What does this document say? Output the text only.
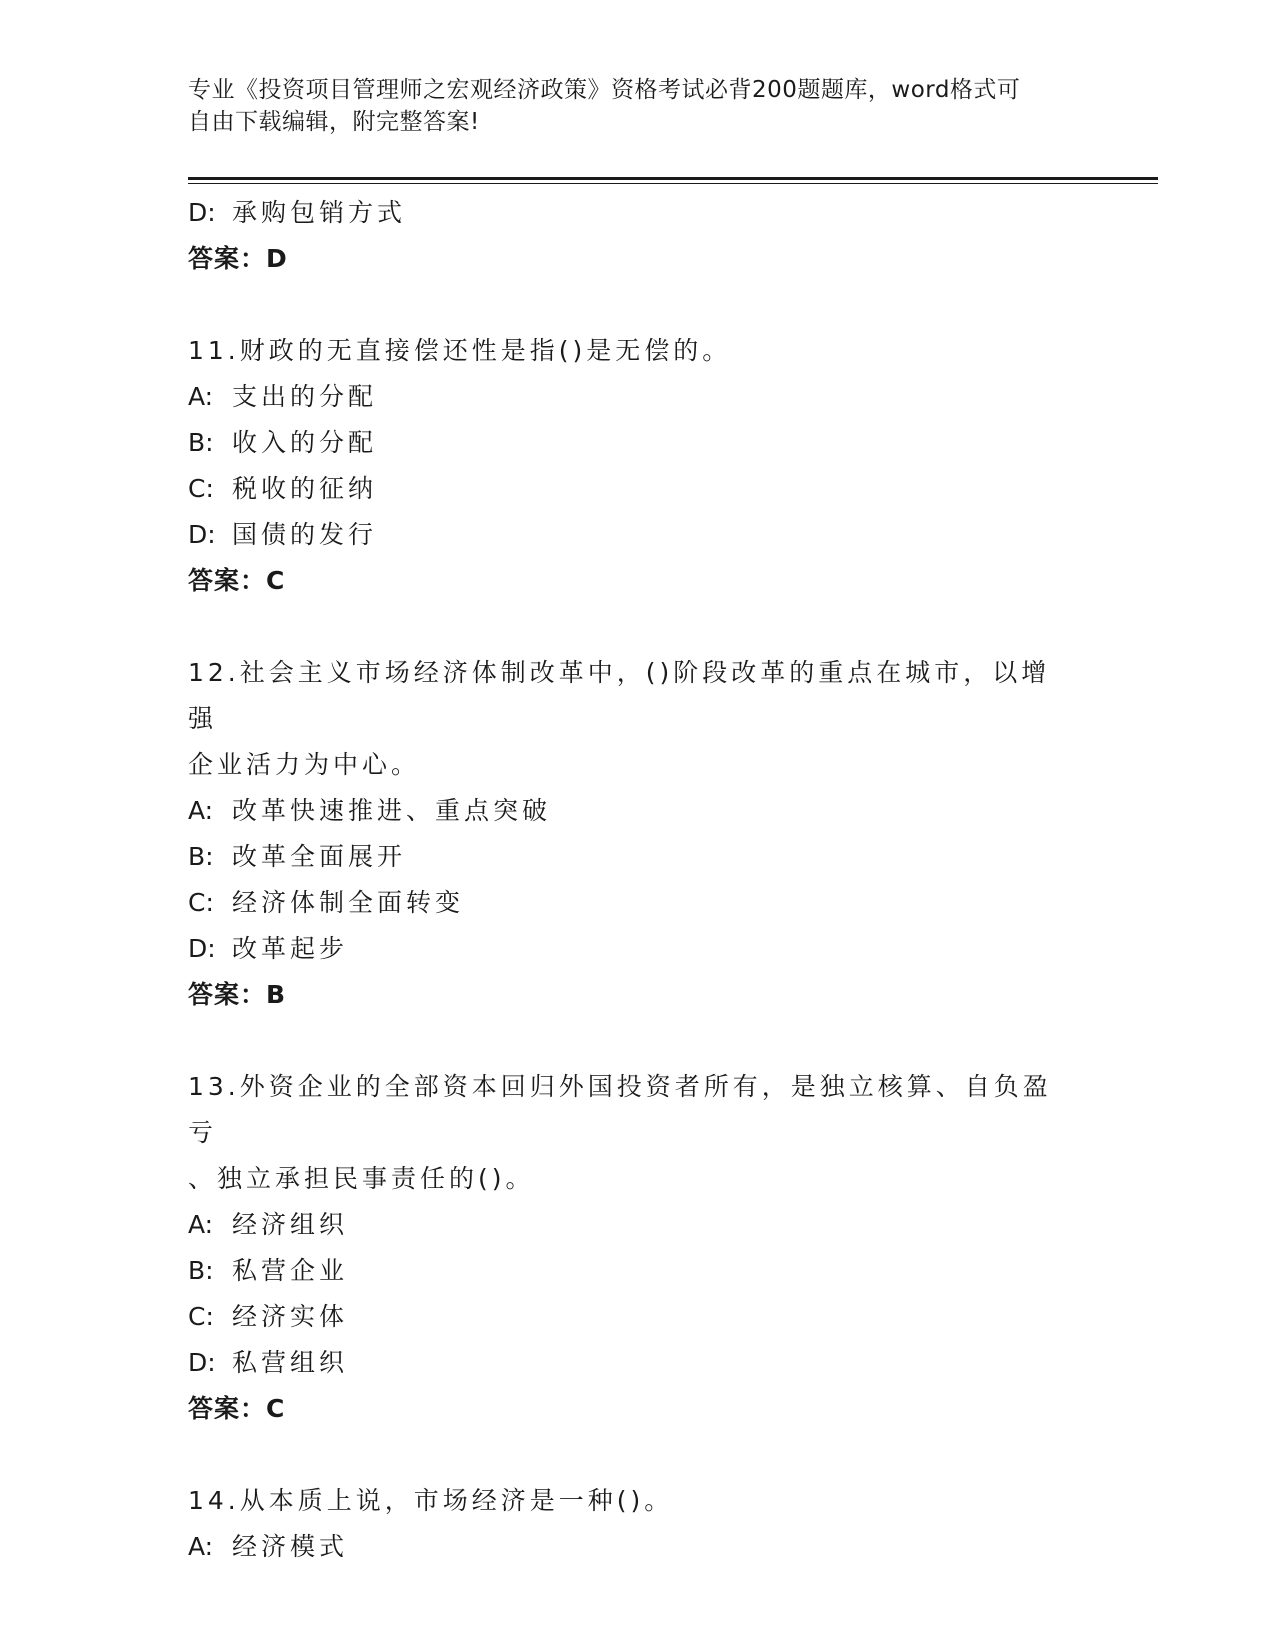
专业《投资项目管理师之宏观经济政策》资格考试必背200题题库，word格式可
自由下载编辑，附完整答案!
D: 承购包销方式
答案：D
11.财政的无直接偿还性是指()是无偿的。
A: 支出的分配
B: 收入的分配
C: 税收的征纳
D: 国债的发行
答案：C
12.社会主义市场经济体制改革中，()阶段改革的重点在城市，以增强
企业活力为中心。
A: 改革快速推进、重点突破
B: 改革全面展开
C: 经济体制全面转变
D: 改革起步
答案：B
13.外资企业的全部资本回归外国投资者所有，是独立核算、自负盈亏
、独立承担民事责任的()。
A: 经济组织
B: 私营企业
C: 经济实体
D: 私营组织
答案：C
14.从本质上说，市场经济是一种()。
A: 经济模式
